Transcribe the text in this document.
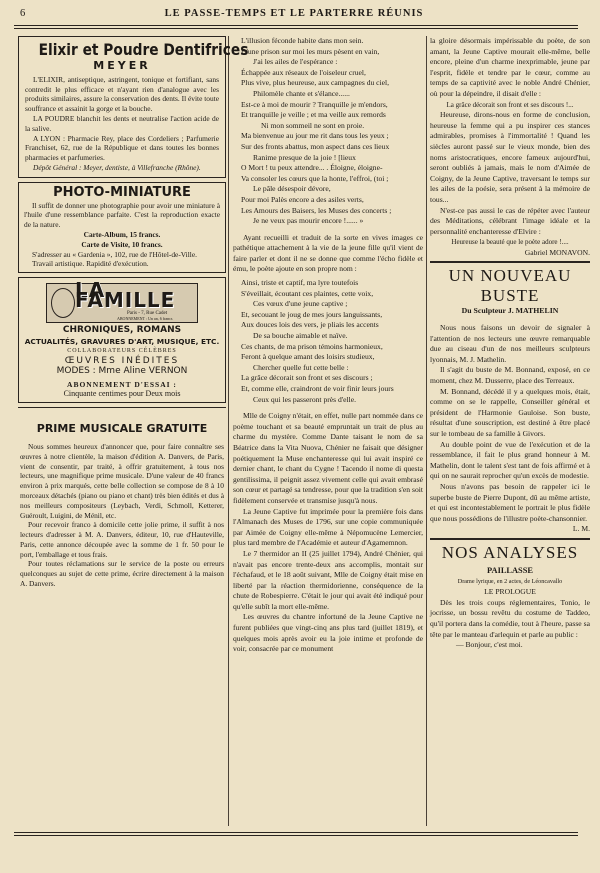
6	LE PASSE-TEMPS ET LE PARTERRE RÉUNIS
Elixir et Poudre Dentifrices
MEYER
L'ELIXIR, antiseptique, astringent, tonique et fortifiant, sans contredit le plus efficace et n'ayant rien d'analogue avec les produits similaires, assure la conservation des dents. Il évite toute souffrance et assainit la gorge et la bouche.
LA POUDRE blanchit les dents et neutralise l'action acide de la salive.
A LYON : Pharmacie Rey, place des Cordeliers ; Parfumerie Franchiset, 62, rue de la République et dans toutes les bonnes pharmacies et parfumeries.
Dépôt Général : Meyer, dentiste, à Villefranche (Rhône).
PHOTO-MINIATURE
Il suffit de donner une photographie pour avoir une miniature à l'huile d'une ressemblance parfaite. C'est la reproduction exacte de la nature.
Carte-Album, 15 francs.
Carte de Visite, 10 francs.
S'adresser au « Gardenia », 102, rue de l'Hôtel-de-Ville.
Travail artistique. Rapidité d'exécution.
LA FAMILLE
Paris - 7, Rue Cadet
ABONNEMENT : Un an, 6 francs
CHRONIQUES, ROMANS
ACTUALITÉS, GRAVURES D'ART, MUSIQUE, ETC.
COLLABORATEURS CÉLÈBRES
ŒUVRES INÉDITES
MODES : Mme Aline VERNON
ABONNEMENT D'ESSAI :
Cinquante centimes pour Deux mois
PRIME MUSICALE GRATUITE
Nous sommes heureux d'annoncer que, pour faire connaître ses œuvres à notre clientèle, la maison d'édition A. Danvers, de Paris, vient de consentir, par traité, à offrir gratuitement, à tous nos lecteurs, une magnifique prime musicale. D'une valeur de 40 francs environ à prix marqués, cette belle collection se compose de 8 à 10 morceaux détachés (piano ou piano et chant) très bien édités et dus à nos meilleurs compositeurs (Leybach, Verdi, Schmoll, Ketterer, Guéroult, Luigini, de Ménil, etc.
Pour recevoir franco à domicile cette jolie prime, il suffit à nos lecteurs d'adresser à M. A. Danvers, éditeur, 10, rue d'Hauteville, Paris, cette annonce découpée avec la somme de 1 fr. 50 pour le port, l'emballage et tous frais.
Pour toutes réclamations sur le service de la poste ou erreurs quelconques au sujet de cette prime, écrire directement à la maison A. Danvers.

L'illusion féconde habite dans mon sein.

D'une prison sur moi les murs pèsent en vain,

J'ai les ailes de l'espérance :

Échappée aux réseaux de l'oiseleur cruel,

Plus vive, plus heureuse, aux campagnes du ciel,

Philomèle chante et s'élance......

Est-ce à moi de mourir ? Tranquille je m'endors,

Et tranquille je veille ; et ma veille aux remords

Ni mon sommeil ne sont en proie.

Ma bienvenue au jour me rit dans tous les yeux ;

Sur des fronts abattus, mon aspect dans ces lieux

Ranime presque de la joie ! [lieux

O Mort ! tu peux attendre... . Éloigne, éloigne-

Va consoler les cœurs que la honte, l'effroi, (toi ;

Le pâle désespoir dévore,

Pour moi Palès encore a des asiles verts,

Les Amours des Baisers, les Muses des concerts ;

Je ne veux pas mourir encore !...... »

Ayant recueilli et traduit de la sorte en vives images ce pathétique attachement à la vie de la jeune fille qu'il vient de faire parler et dont il ne se donne que comme l'écho fidèle et ému, le poète ajoute en son propre nom :

Ainsi, triste et captif, ma lyre toutefois

S'éveillait, écoutant ces plaintes, cette voix,

Ces vœux d'une jeune captive ;

Et, secouant le joug de mes jours languissants,

Aux douces lois des vers, je pliais les accents

De sa bouche aimable et naïve.

Ces chants, de ma prison témoins harmonieux,

Feront à quelque amant des loisirs studieux,

Chercher quelle fut cette belle :

La grâce décorait son front et ses discours ;

Et, comme elle, craindront de voir finir leurs jours

Ceux qui les passeront près d'elle.

Mlle de Coigny n'était, en effet, nulle part nommée dans ce poème touchant et sa beauté empruntait un trait de plus au charme du mystère. Comme Dante taisant le nom de sa Béatrice dans la Vita Nuova, Chénier ne faisait que désigner poétiquement la Muse enchanteresse qui lui avait inspiré ce dernier chant, le chant du Cygne ! Tacendo il nome di questa gentilissima, il peignit assez vivement celle qui avait embrasé son cœur et partagé sa tendresse, pour que la tradition s'en soit fidèlement conservée et transmise jusqu'à nous.

La Jeune Captive fut imprimée pour la première fois dans l'Almanach des Muses de 1796, sur une copie communiquée par Aimée de Coigny elle-même à Népomucène Lemercier, plus tard membre de l'Académie et auteur d'Agamemnon.

Le 7 thermidor an II (25 juillet 1794), André Chénier, qui n'avait pas encore trente-deux ans accomplis, montait sur l'échafaud, et le 18 août suivant, Mlle de Coigny était mise en liberté par la réaction thermidorienne, conséquence de la chute de Robespierre. C'était le jour qui avait été indiqué pour qu'elle subît la mort elle-même.

Les œuvres du chantre infortuné de la Jeune Captive ne furent publiées que vingt-cinq ans plus tard (juillet 1819), et quelques mois après avoir eu la joie intime et profonde de voir, consacrée par ce monument

la gloire désormais impérissable du poète, de son amant, la Jeune Captive mourait elle-même, belle encore, pleine d'un charme inexprimable, jeune par l'esprit, fidèle et tendre par le cœur, comme au temps de sa captivité avec le noble André Chénier, où pour la dépeindre, il disait d'elle :

La grâce décorait son front et ses discours !...

Heureuse, dirons-nous en forme de conclusion, heureuse la femme qui a pu inspirer ces stances admirables, promises à l'immortalité ! Quand les siècles auront passé sur le vieux monde, bien des noms aristocratiques, encore fameux aujourd'hui, seront oubliés à jamais, mais le nom d'Aimée de Coigny, de la Jeune Captive, traversant le temps sur les ailes de la poésie, sera présent à la mémoire de tous...

N'est-ce pas aussi le cas de répéter avec l'auteur des Méditations, célébrant l'image idéale et la personnalité enchanteresse d'Elvire :

Heureuse la beauté que le poète adore !....
Gabriel MONAVON.
UN NOUVEAU BUSTE
Du Sculpteur J. MATHELIN

Nous nous faisons un devoir de signaler à l'attention de nos lecteurs une œuvre remarquable due au ciseau d'un de nos meilleurs sculpteurs lyonnais, M. J. Mathelin.

Il s'agit du buste de M. Bonnand, exposé, en ce moment, chez M. Dusserre, place des Terreaux.

M. Bonnand, décédé il y a quelques mois, était, comme on se le rappelle, Conseiller général et président de l'Harmonie Gauloise. Son buste, résultat d'une souscription, est destiné à être placé sur le tombeau de sa famille à Givors.

Au double point de vue de l'exécution et de la ressemblance, il fait le plus grand honneur à M. Mathelin, dont le talent s'est tant de fois affirmé et à qui on ne saurait reprocher qu'un excès de modestie.

Nous n'avons pas besoin de rappeler ici le superbe buste de Pierre Dupont, dû au même artiste, et qui est incontestablement le portrait le plus fidèle que nous possédions de l'illustre poète-chansonnier.

L. M.
NOS ANALYSES
PAILLASSE
Drame lyrique, en 2 actes, de Léoncavallo
LE PROLOGUE

Dès les trois coups réglementaires, Tonio, le jocrisse, un bossu revêtu du costume de Taddeo, qu'il portera dans la comédie, tout à l'heure, passe sa tête par le manteau d'arlequin et parle au public :

— Bonjour, c'est moi.
